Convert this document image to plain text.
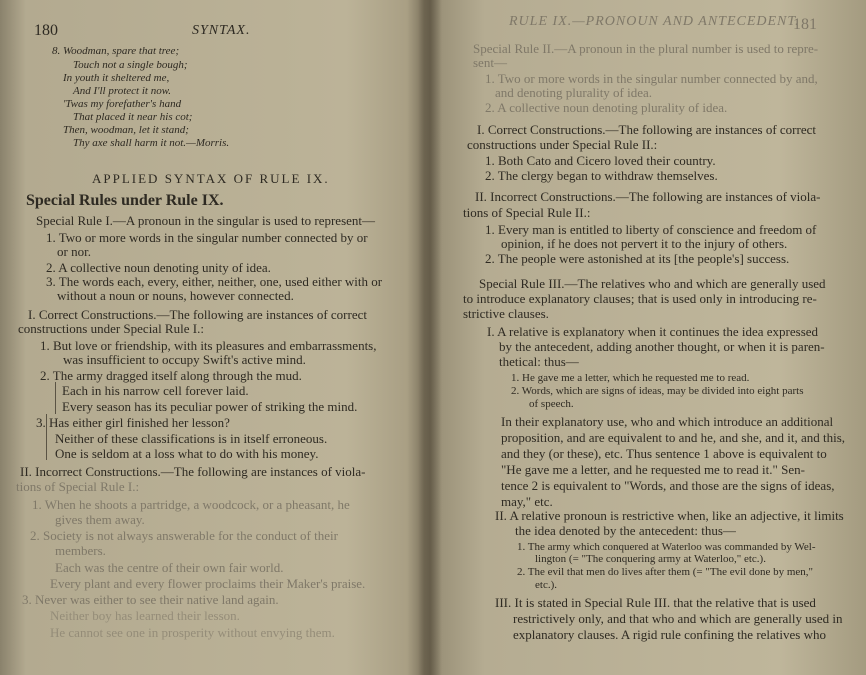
180	SYNTAX.
8. Woodman, spare that tree;
Touch not a single bough;
In youth it sheltered me,
And I'll protect it now.
'Twas my forefather's hand
That placed it near his cot;
Then, woodman, let it stand;
Thy axe shall harm it not.—Morris.
APPLIED SYNTAX OF RULE IX.
Special Rules under Rule IX.
Special Rule I.—A pronoun in the singular is used to represent—
1. Two or more words in the singular number connected by or
or nor.
2. A collective noun denoting unity of idea.
3. The words each, every, either, neither, one, used either with or
without a noun or nouns, however connected.
I. Correct Constructions.—The following are instances of correct
constructions under Special Rule I.:
1. But love or friendship, with its pleasures and embarrassments,
was insufficient to occupy Swift's active mind.
2. The army dragged itself along through the mud.
Each in his narrow cell forever laid.
Every season has its peculiar power of striking the mind.
3. Has either girl finished her lesson?
Neither of these classifications is in itself erroneous.
One is seldom at a loss what to do with his money.
II. Incorrect Constructions.—The following are instances of viola-
tions of Special Rule I.:
1. When he shoots a partridge, a woodcock, or a pheasant, he
gives them away.
2. Society is not always answerable for the conduct of their
members.
Each was the centre of their own fair world.
Every plant and every flower proclaims their Maker's praise.
3. Never was either to see their native land again.
Neither boy has learned their lesson.
He cannot see one in prosperity without envying them.
RULE IX.—PRONOUN AND ANTECEDENT.
181
Special Rule II.—A pronoun in the plural number is used to repre-
sent—
1. Two or more words in the singular number connected by and,
and denoting plurality of idea.
2. A collective noun denoting plurality of idea.
I. Correct Constructions.—The following are instances of correct
constructions under Special Rule II.:
1. Both Cato and Cicero loved their country.
2. The clergy began to withdraw themselves.
II. Incorrect Constructions.—The following are instances of viola-
tions of Special Rule II.:
1. Every man is entitled to liberty of conscience and freedom of
opinion, if he does not pervert it to the injury of others.
2. The people were astonished at its [the people's] success.
Special Rule III.—The relatives who and which are generally used
to introduce explanatory clauses; that is used only in introducing re-
strictive clauses.
I. A relative is explanatory when it continues the idea expressed
by the antecedent, adding another thought, or when it is paren-
thetical: thus—
1. He gave me a letter, which he requested me to read.
2. Words, which are signs of ideas, may be divided into eight parts
of speech.
In their explanatory use, who and which introduce an additional
proposition, and are equivalent to and he, and she, and it, and this,
and they (or these), etc. Thus sentence 1 above is equivalent to
"He gave me a letter, and he requested me to read it." Sen-
tence 2 is equivalent to "Words, and those are the signs of ideas,
may," etc.
II. A relative pronoun is restrictive when, like an adjective, it limits
the idea denoted by the antecedent: thus—
1. The army which conquered at Waterloo was commanded by Wel-
lington (= "The conquering army at Waterloo," etc.).
2. The evil that men do lives after them (= "The evil done by men,"
etc.).
III. It is stated in Special Rule III. that the relative that is used
restrictively only, and that who and which are generally used in
explanatory clauses. A rigid rule confining the relatives who
